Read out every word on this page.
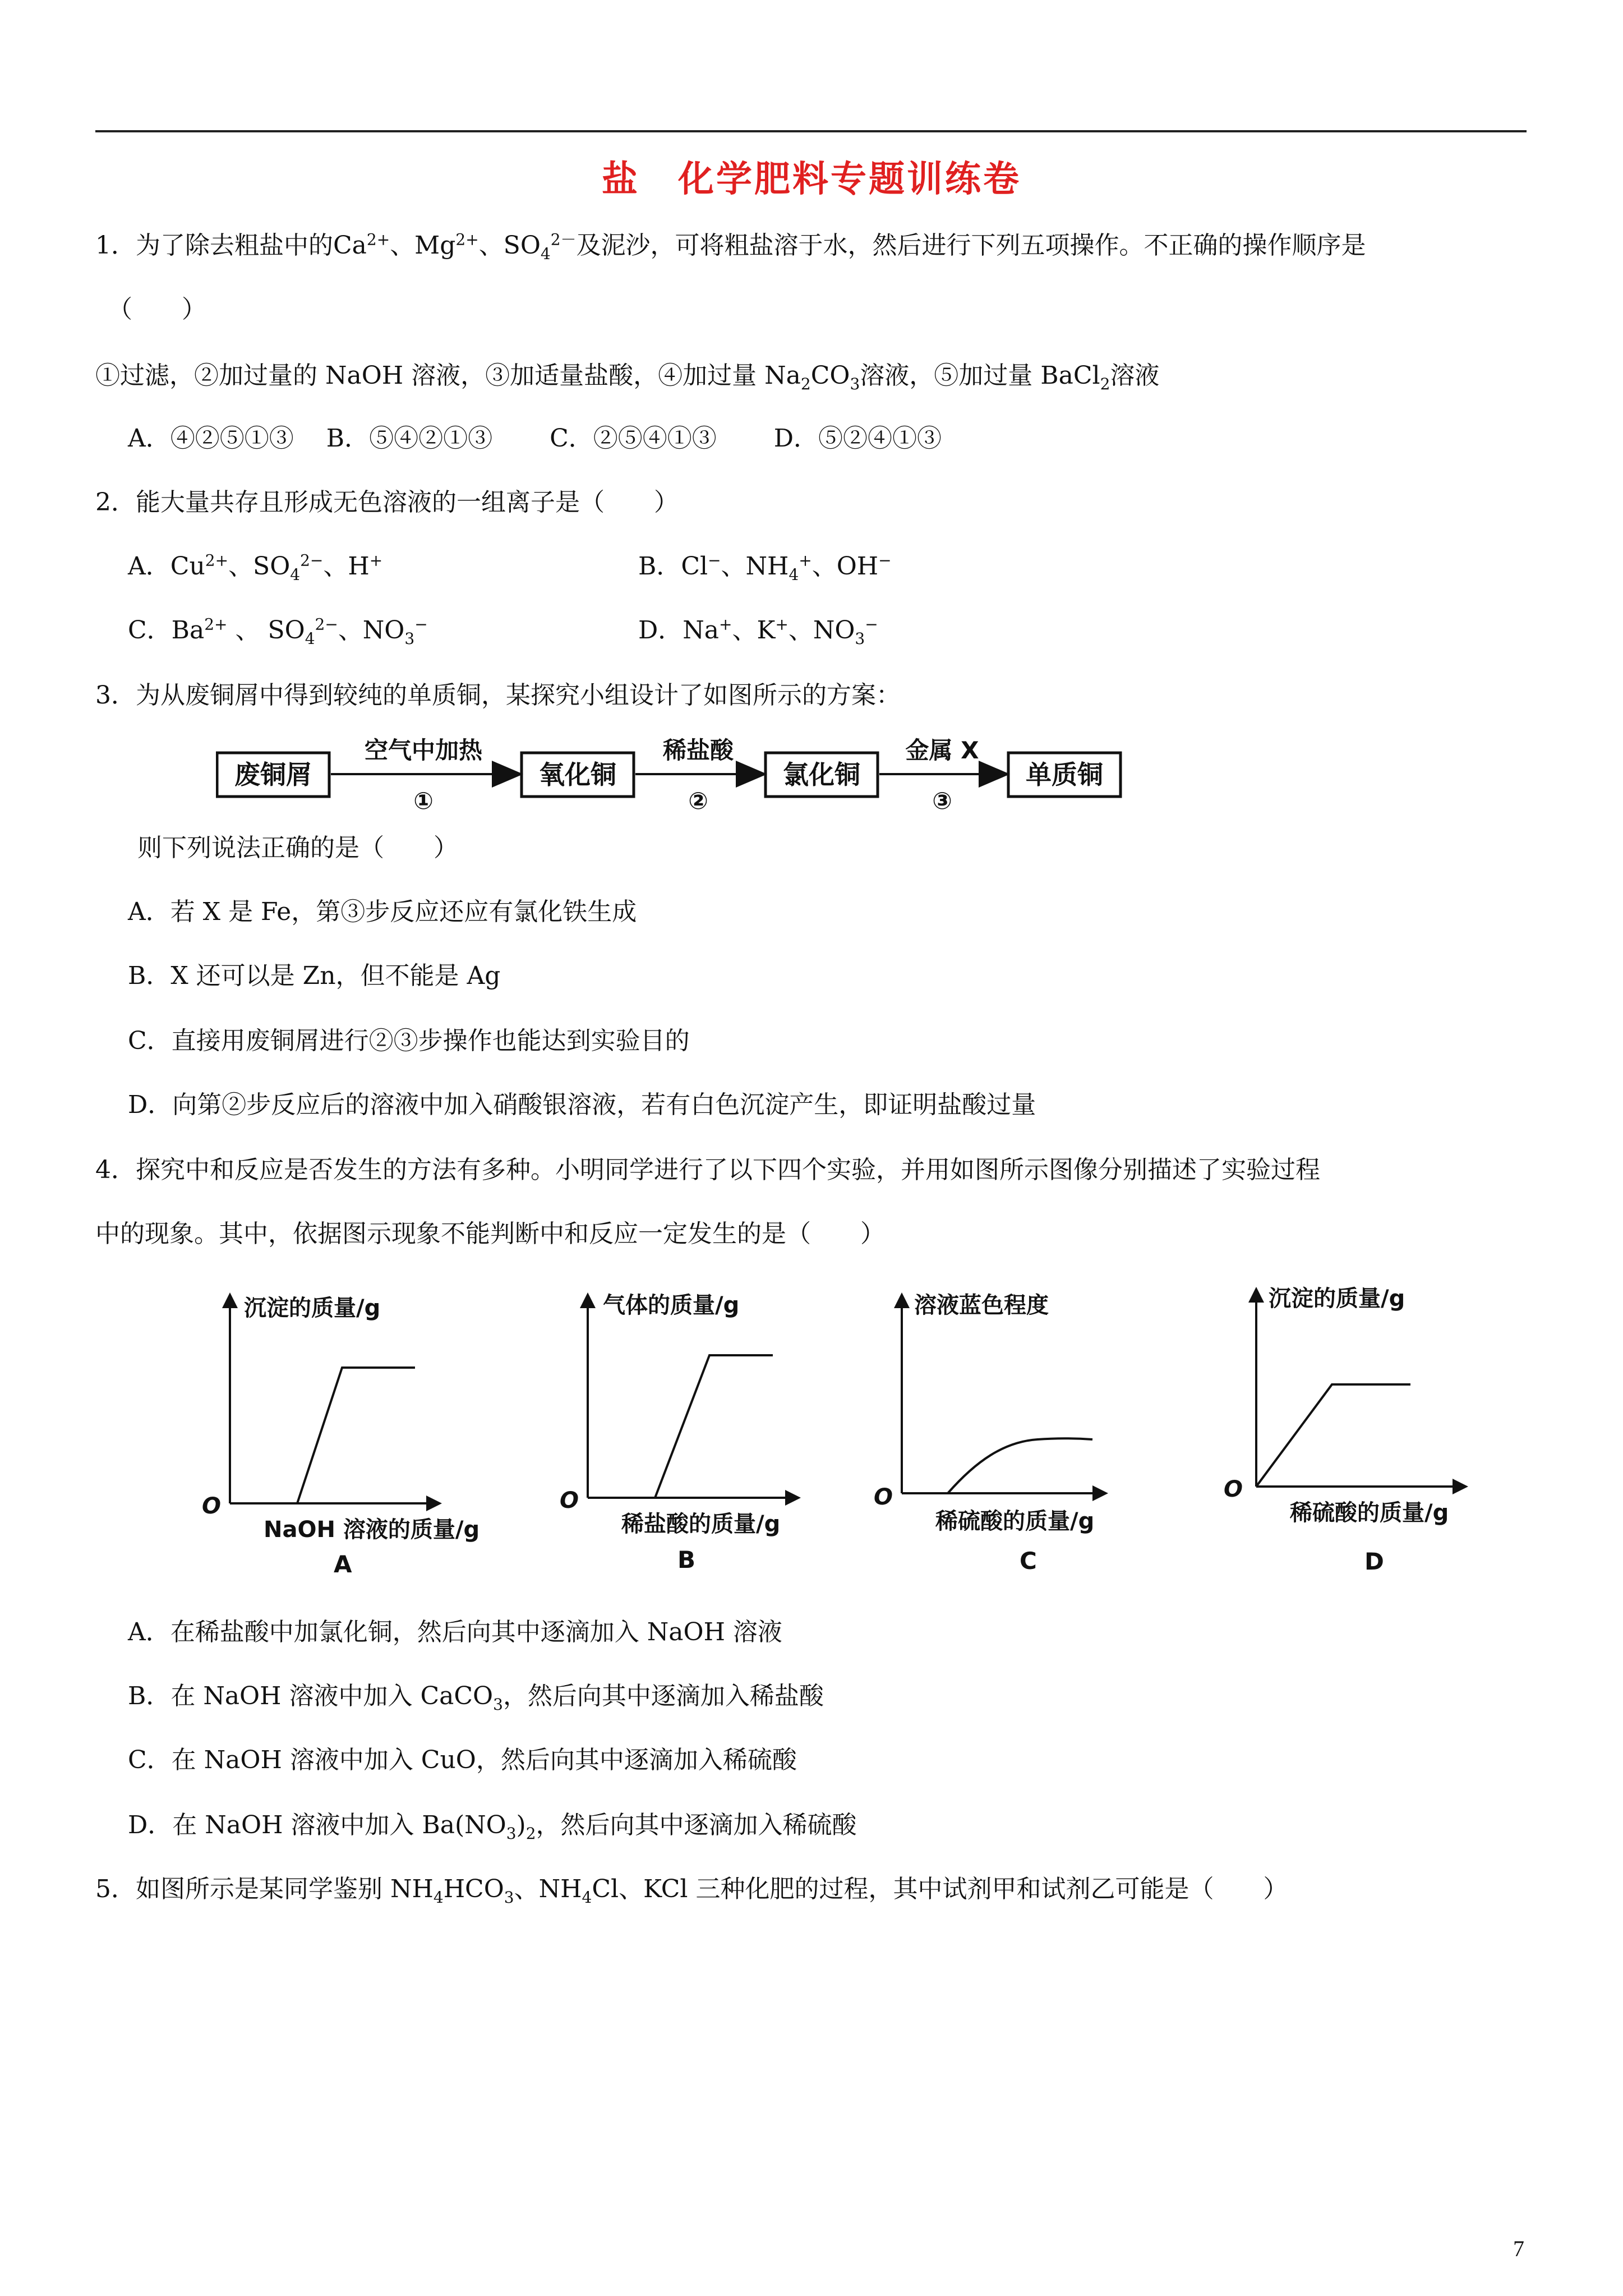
盐　化学肥料专题训练卷
1．为了除去粗盐中的$Ca^{2+}$、$Mg^{2+}$、$SO_4^{2-}$及泥沙，可将粗盐溶于水，然后进行下列五项操作。不正确的操作顺序是
（　　）
①过滤，②加过量的 NaOH 溶液，③加适量盐酸，④加过量 $Na_2CO_3$溶液，⑤加过量 BaCl$_2$溶液
A．④②⑤①③　 B．⑤④②①③　　 C．②⑤④①③　　 D．⑤②④①③
2．能大量共存且形成无色溶液的一组离子是（　　）
A．$Cu^{2+}$、$SO_4^{2-}$、H+	B．Cl−、$NH_4^+$、OH−
C．$Ba^{2+}$ 、 $SO_4^{2-}$、$NO_3^-$	D．Na+、K+、$NO_3^-$
3．为从废铜屑中得到较纯的单质铜，某探究小组设计了如图所示的方案：
废铜屑
空气中加热
①
氧化铜
稀盐酸
②
氯化铜
金属 X
③
单质铜
则下列说法正确的是（　　）
A．若 X 是 Fe，第③步反应还应有氯化铁生成
B．X 还可以是 Zn，但不能是 Ag
C．直接用废铜屑进行②③步操作也能达到实验目的
D．向第②步反应后的溶液中加入硝酸银溶液，若有白色沉淀产生，即证明盐酸过量
4．探究中和反应是否发生的方法有多种。小明同学进行了以下四个实验，并用如图所示图像分别描述了实验过程
中的现象。其中，依据图示现象不能判断中和反应一定发生的是（　　）
沉淀的质量/g
O
NaOH 溶液的质量/g
A
气体的质量/g
O
稀盐酸的质量/g
B
溶液蓝色程度
O
稀硫酸的质量/g
C
沉淀的质量/g
O
稀硫酸的质量/g
D
A．在稀盐酸中加氯化铜，然后向其中逐滴加入 NaOH 溶液
B．在 NaOH 溶液中加入 CaCO$_3$，然后向其中逐滴加入稀盐酸
C．在 NaOH 溶液中加入 CuO，然后向其中逐滴加入稀硫酸
D．在 NaOH 溶液中加入 $Ba(NO_3)_2$，然后向其中逐滴加入稀硫酸
5．如图所示是某同学鉴别 $NH_4HCO_3$、$NH_4Cl$、KCl 三种化肥的过程，其中试剂甲和试剂乙可能是（　　）
7
